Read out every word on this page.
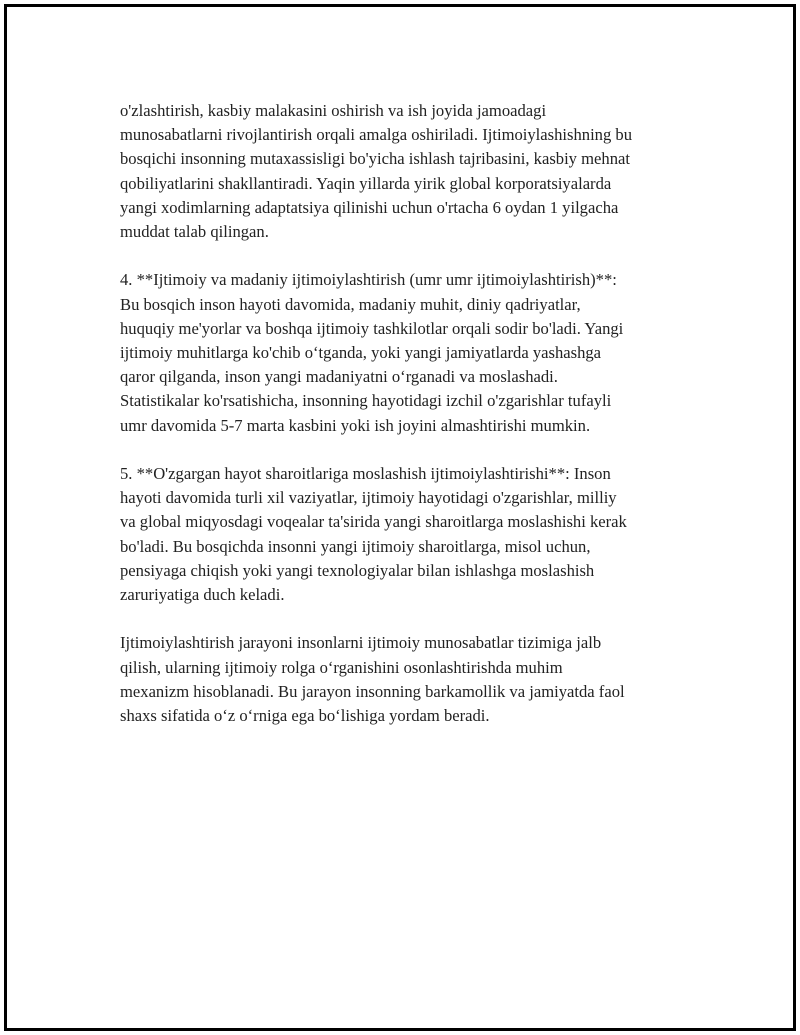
o'zlashtirish, kasbiy malakasini oshirish va ish joyida jamoadagi
munosabatlarni rivojlantirish orqali amalga oshiriladi. Ijtimoiylashishning bu
bosqichi insonning mutaxassisligi bo'yicha ishlash tajribasini, kasbiy mehnat
qobiliyatlarini shakllantiradi. Yaqin yillarda yirik global korporatsiyalarda
yangi xodimlarning adaptatsiya qilinishi uchun o'rtacha 6 oydan 1 yilgacha
muddat talab qilingan.

4. **Ijtimoiy va madaniy ijtimoiylashtirish (umr umr ijtimoiylashtirish)**:
Bu bosqich inson hayoti davomida, madaniy muhit, diniy qadriyatlar,
huquqiy me'yorlar va boshqa ijtimoiy tashkilotlar orqali sodir bo'ladi. Yangi
ijtimoiy muhitlarga ko'chib o‘tganda, yoki yangi jamiyatlarda yashashga
qaror qilganda, inson yangi madaniyatni o‘rganadi va moslashadi.
Statistikalar ko'rsatishicha, insonning hayotidagi izchil o'zgarishlar tufayli
umr davomida 5-7 marta kasbini yoki ish joyini almashtirishi mumkin.

5. **O'zgargan hayot sharoitlariga moslashish ijtimoiylashtirishi**: Inson
hayoti davomida turli xil vaziyatlar, ijtimoiy hayotidagi o'zgarishlar, milliy
va global miqyosdagi voqealar ta'sirida yangi sharoitlarga moslashishi kerak
bo'ladi. Bu bosqichda insonni yangi ijtimoiy sharoitlarga, misol uchun,
pensiyaga chiqish yoki yangi texnologiyalar bilan ishlashga moslashish
zaruriyatiga duch keladi.

Ijtimoiylashtirish jarayoni insonlarni ijtimoiy munosabatlar tizimiga jalb
qilish, ularning ijtimoiy rolga o‘rganishini osonlashtirishda muhim
mexanizm hisoblanadi. Bu jarayon insonning barkamollik va jamiyatda faol
shaxs sifatida o‘z o‘rniga ega bo‘lishiga yordam beradi.
